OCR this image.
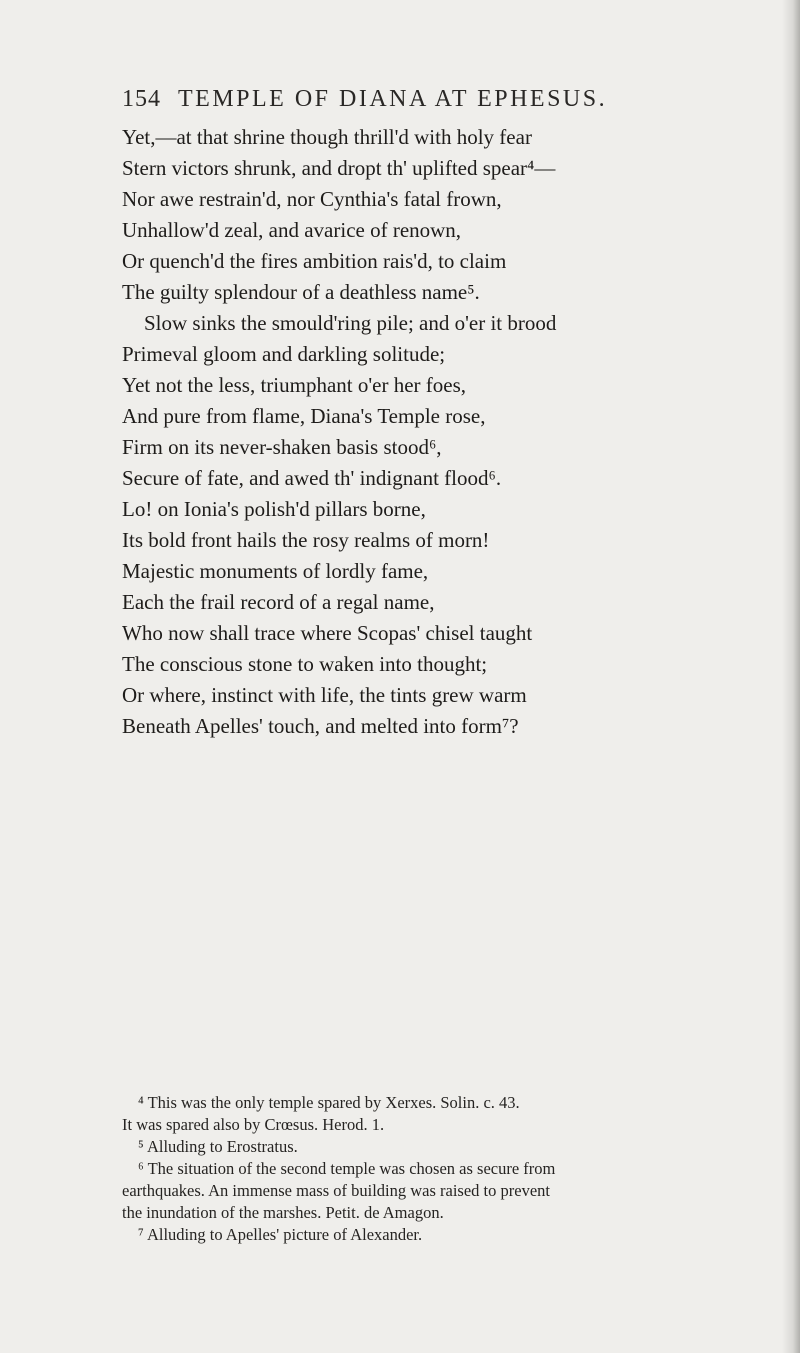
154 TEMPLE OF DIANA AT EPHESUS.
Yet,—at that shrine though thrill'd with holy fear
Stern victors shrunk, and dropt th' uplifted spear⁴—
Nor awe restrain'd, nor Cynthia's fatal frown,
Unhallow'd zeal, and avarice of renown,
Or quench'd the fires ambition rais'd, to claim
The guilty splendour of a deathless name⁵.
Slow sinks the smould'ring pile; and o'er it brood
Primeval gloom and darkling solitude;
Yet not the less, triumphant o'er her foes,
And pure from flame, Diana's Temple rose,
Firm on its never-shaken basis stood⁶,
Secure of fate, and awed th' indignant flood⁶.
Lo! on Ionia's polish'd pillars borne,
Its bold front hails the rosy realms of morn!
Majestic monuments of lordly fame,
Each the frail record of a regal name,
Who now shall trace where Scopas' chisel taught
The conscious stone to waken into thought;
Or where, instinct with life, the tints grew warm
Beneath Apelles' touch, and melted into form⁷?
⁴ This was the only temple spared by Xerxes. Solin. c. 43.
It was spared also by Crœsus. Herod. 1.
⁵ Alluding to Erostratus.
⁶ The situation of the second temple was chosen as secure from
earthquakes. An immense mass of building was raised to prevent
the inundation of the marshes. Petit. de Amagon.
⁷ Alluding to Apelles' picture of Alexander.
